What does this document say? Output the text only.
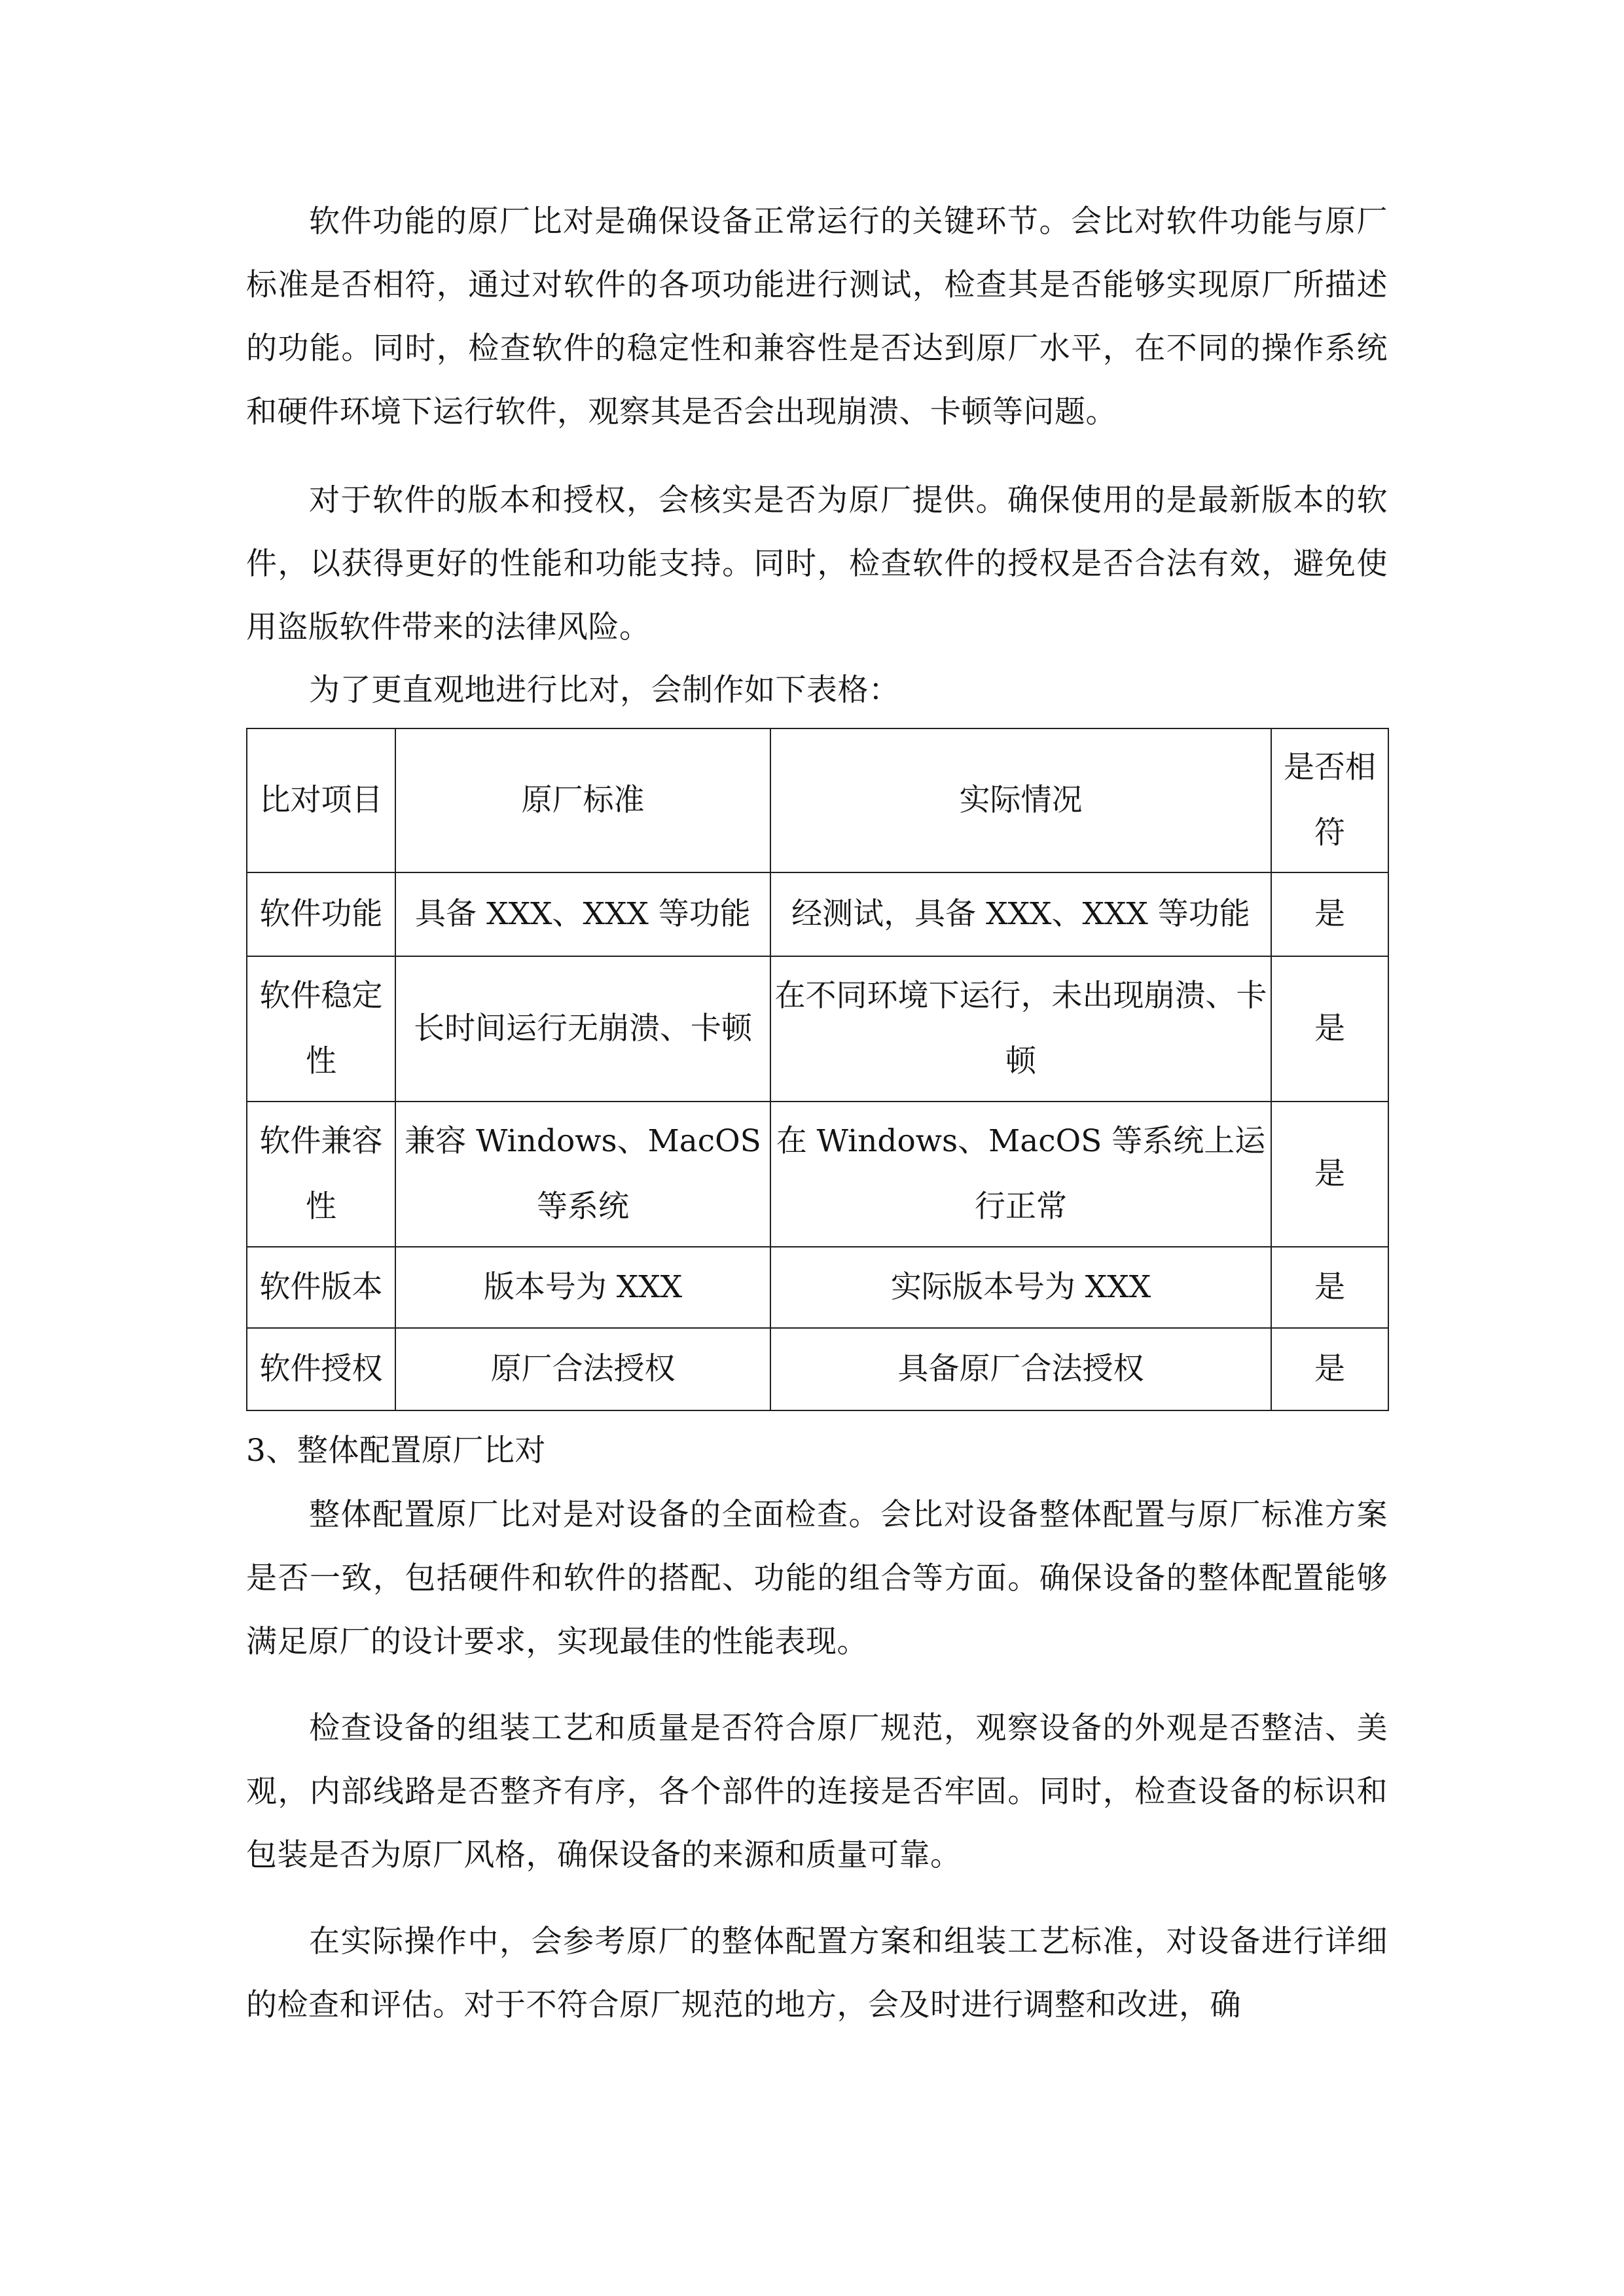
软件功能的原厂比对是确保设备正常运行的关键环节。会比对软件功能与原厂标准是否相符，通过对软件的各项功能进行测试，检查其是否能够实现原厂所描述的功能。同时，检查软件的稳定性和兼容性是否达到原厂水平，在不同的操作系统和硬件环境下运行软件，观察其是否会出现崩溃、卡顿等问题。

对于软件的版本和授权，会核实是否为原厂提供。确保使用的是最新版本的软件，以获得更好的性能和功能支持。同时，检查软件的授权是否合法有效，避免使用盗版软件带来的法律风险。

为了更直观地进行比对，会制作如下表格：

比对项目	原厂标准	实际情况	是否相符
软件功能	具备 XXX、XXX 等功能	经测试，具备 XXX、XXX 等功能	是
软件稳定性	长时间运行无崩溃、卡顿	在不同环境下运行，未出现崩溃、卡顿	是
软件兼容性	兼容 Windows、MacOS 等系统	在 Windows、MacOS 等系统上运行正常	是
软件版本	版本号为 XXX	实际版本号为 XXX	是
软件授权	原厂合法授权	具备原厂合法授权	是
3、整体配置原厂比对

整体配置原厂比对是对设备的全面检查。会比对设备整体配置与原厂标准方案是否一致，包括硬件和软件的搭配、功能的组合等方面。确保设备的整体配置能够满足原厂的设计要求，实现最佳的性能表现。

检查设备的组装工艺和质量是否符合原厂规范，观察设备的外观是否整洁、美观，内部线路是否整齐有序，各个部件的连接是否牢固。同时，检查设备的标识和包装是否为原厂风格，确保设备的来源和质量可靠。

在实际操作中，会参考原厂的整体配置方案和组装工艺标准，对设备进行详细的检查和评估。对于不符合原厂规范的地方，会及时进行调整和改进，确
